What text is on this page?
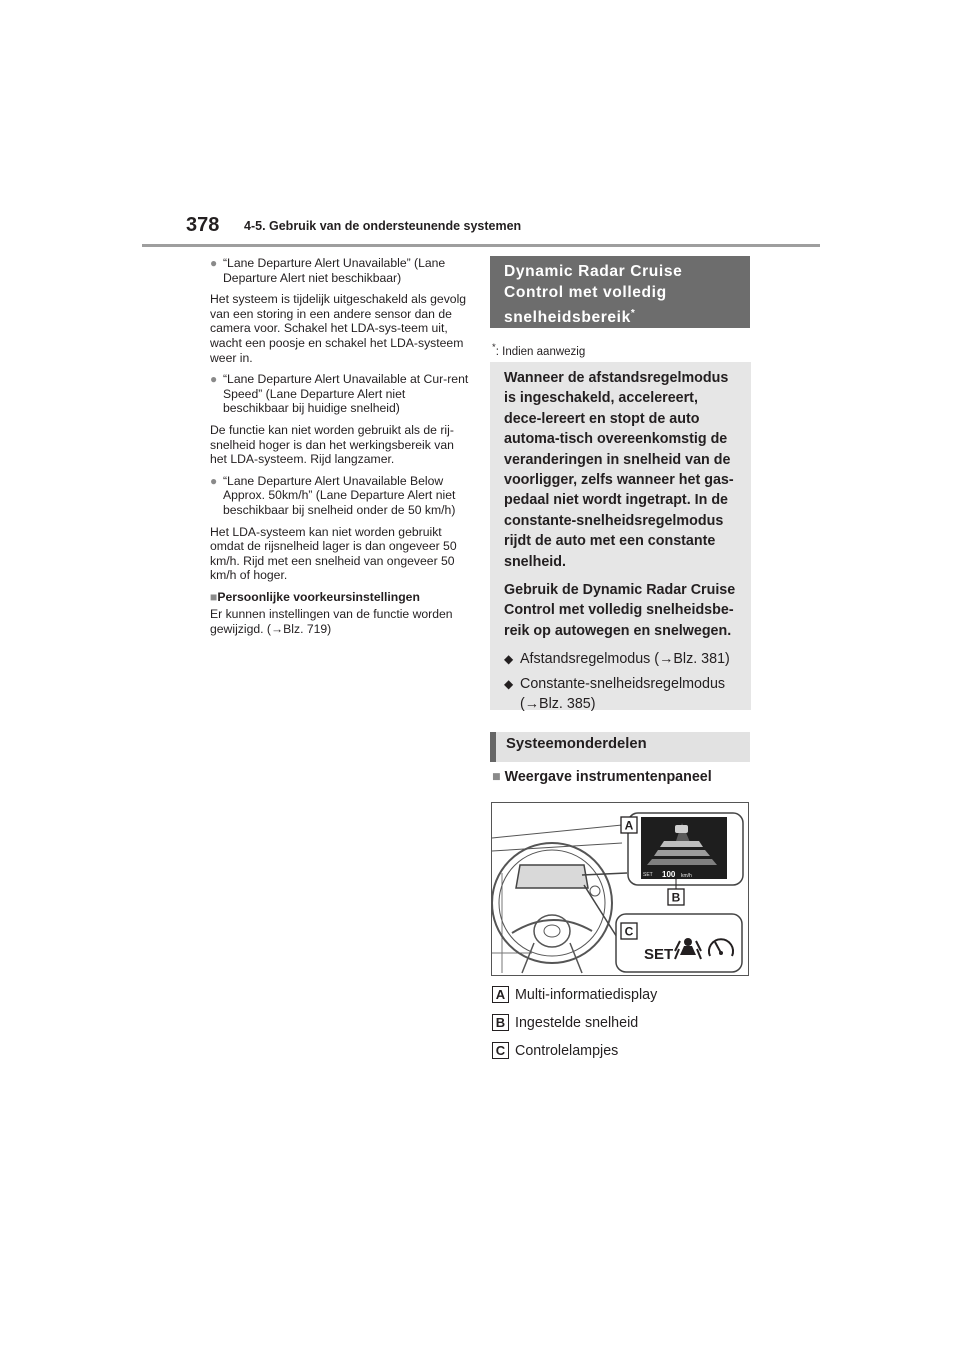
378 4-5. Gebruik van de ondersteunende systemen
● “Lane Departure Alert Unavailable” (Lane Departure Alert niet beschikbaar)

Het systeem is tijdelijk uitgeschakeld als gevolg van een storing in een andere sensor dan de camera voor. Schakel het LDA-sys-teem uit, wacht een poosje en schakel het LDA-systeem weer in.

● “Lane Departure Alert Unavailable at Cur-rent Speed” (Lane Departure Alert niet beschikbaar bij huidige snelheid)

De functie kan niet worden gebruikt als de rij-snelheid hoger is dan het werkingsbereik van het LDA-systeem. Rijd langzamer.

● “Lane Departure Alert Unavailable Below Approx. 50km/h” (Lane Departure Alert niet beschikbaar bij snelheid onder de 50 km/h)

Het LDA-systeem kan niet worden gebruikt omdat de rijsnelheid lager is dan ongeveer 50 km/h. Rijd met een snelheid van ongeveer 50 km/h of hoger.

■Persoonlijke voorkeursinstellingen

Er kunnen instellingen van de functie worden gewijzigd. (→Blz. 719)

Dynamic Radar Cruise Control met volledig snelheidsbereik*
*: Indien aanwezig

Wanneer de afstandsregelmodus is ingeschakeld, accelereert, dece-lereert en stopt de auto automa-tisch overeenkomstig de veranderingen in snelheid van de voorligger, zelfs wanneer het gas-pedaal niet wordt ingetrapt. In de constante-snelheidsregelmodus rijdt de auto met een constante snelheid.

Gebruik de Dynamic Radar Cruise Control met volledig snelheidsbe-reik op autowegen en snelwegen.

◆ Afstandsregelmodus (→Blz. 381)
◆ Constante-snelheidsregelmodus (→Blz. 385)
Systeemonderdelen
■ Weergave instrumentenpaneel
SET 100 km/h
A
B
C
SET
A Multi-informatiedisplay
B Ingestelde snelheid
C Controlelampjes
